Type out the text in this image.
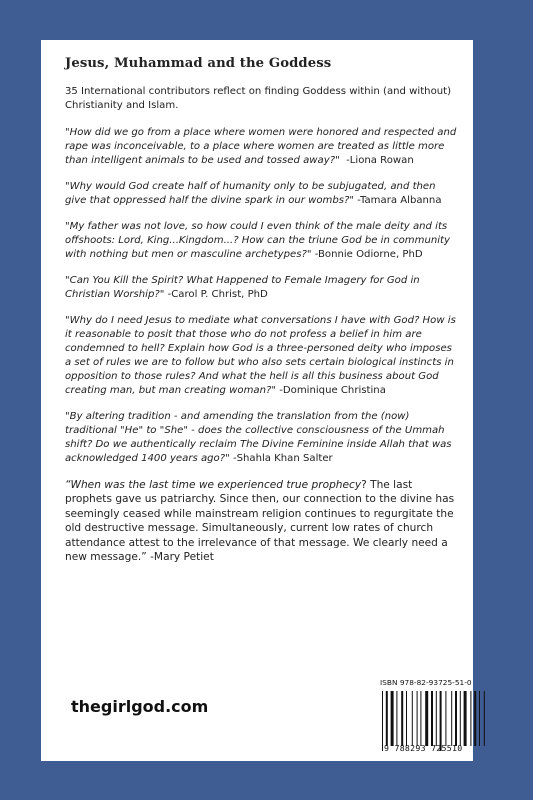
Jesus, Muhammad and the Goddess
35 International contributors reflect on finding Goddess within (and without) Christianity and Islam.
"How did we go from a place where women were honored and respected and rape was inconceivable, to a place where women are treated as little more than intelligent animals to be used and tossed away?"  -Liona Rowan
"Why would God create half of humanity only to be subjugated, and then give that oppressed half the divine spark in our wombs?" -Tamara Albanna
"My father was not love, so how could I even think of the male deity and its offshoots: Lord, King...Kingdom...? How can the triune God be in community with nothing but men or masculine archetypes?" -Bonnie Odiorne, PhD
"Can You Kill the Spirit? What Happened to Female Imagery for God in Christian Worship?" -Carol P. Christ, PhD
"Why do I need Jesus to mediate what conversations I have with God? How is it reasonable to posit that those who do not profess a belief in him are condemned to hell? Explain how God is a three-personed deity who imposes a set of rules we are to follow but who also sets certain biological instincts in opposition to those rules? And what the hell is all this business about God creating man, but man creating woman?" -Dominique Christina
"By altering tradition - and amending the translation from the (now) traditional "He" to "She" - does the collective consciousness of the Ummah shift? Do we authentically reclaim The Divine Feminine inside Allah that was acknowledged 1400 years ago?" -Shahla Khan Salter
“When was the last time we experienced true prophecy? The last prophets gave us patriarchy. Since then, our connection to the divine has seemingly ceased while mainstream religion continues to regurgitate the old destructive message. Simultaneously, current low rates of church attendance attest to the irrelevance of that message. We clearly need a new message.” -Mary Petiet
thegirlgod.com
ISBN 978-82-93725-51-0
9 788293 725510
